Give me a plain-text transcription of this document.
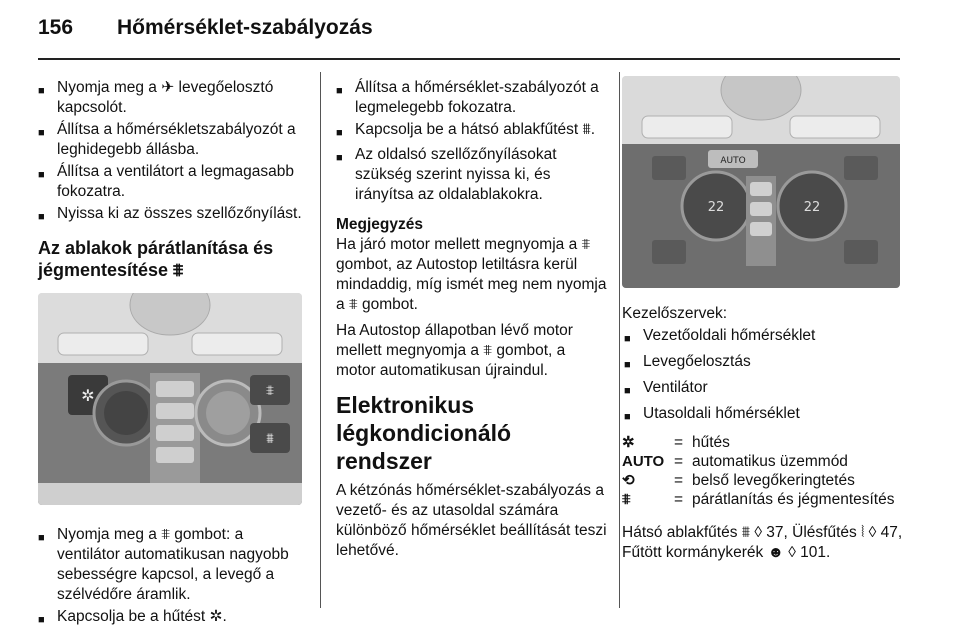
156 Hőmérséklet-szabályozás
■ Nyomja meg a ✈ levegőelosztó kapcsolót.
■ Állítsa a hőmérsékletszabályozót a leghidegebb állásba.
■ Állítsa a ventilátort a legmagasabb fokozatra.
■ Nyissa ki az összes szellőzőnyílást.
Az ablakok párátlanítása és jégmentesítése ⩨
✲	⩨
⩩
■ Nyomja meg a ⩨ gombot: a ventilátor automatikusan nagyobb sebességre kapcsol, a levegő a szélvédőre áramlik.
■ Kapcsolja be a hűtést ✲.
■ Állítsa a hőmérséklet-szabályozót a legmelegebb fokozatra.
■ Kapcsolja be a hátsó ablakfűtést ⩩.
■ Az oldalsó szellőzőnyílásokat szükség szerint nyissa ki, és irányítsa az oldalablakokra.
Megjegyzés

Ha járó motor mellett megnyomja a ⩨ gombot, az Autostop letiltásra kerül mindaddig, míg ismét meg nem nyomja a ⩨ gombot.

Ha Autostop állapotban lévő motor mellett megnyomja a ⩨ gombot, a motor automatikusan újraindul.

Elektronikus légkondicionáló rendszer

A kétzónás hőmérséklet-szabályozás a vezető- és az utasoldal számára különböző hőmérséklet beállítását teszi lehetővé.

AUTO
22	22
Kezelőszervek:
■ Vezetőoldali hőmérséklet
■ Levegőelosztás
■ Ventilátor
■ Utasoldali hőmérséklet
✲	= hűtés
AUTO = automatikus üzemmód
⟲	= belső levegőkeringtetés
⩨	= párátlanítás és jégmentesítés

Hátsó ablakfűtés ⩩ ◊ 37, Ülésfűtés ⦚ ◊ 47, Fűtött kormánykerék ☻ ◊ 101.
